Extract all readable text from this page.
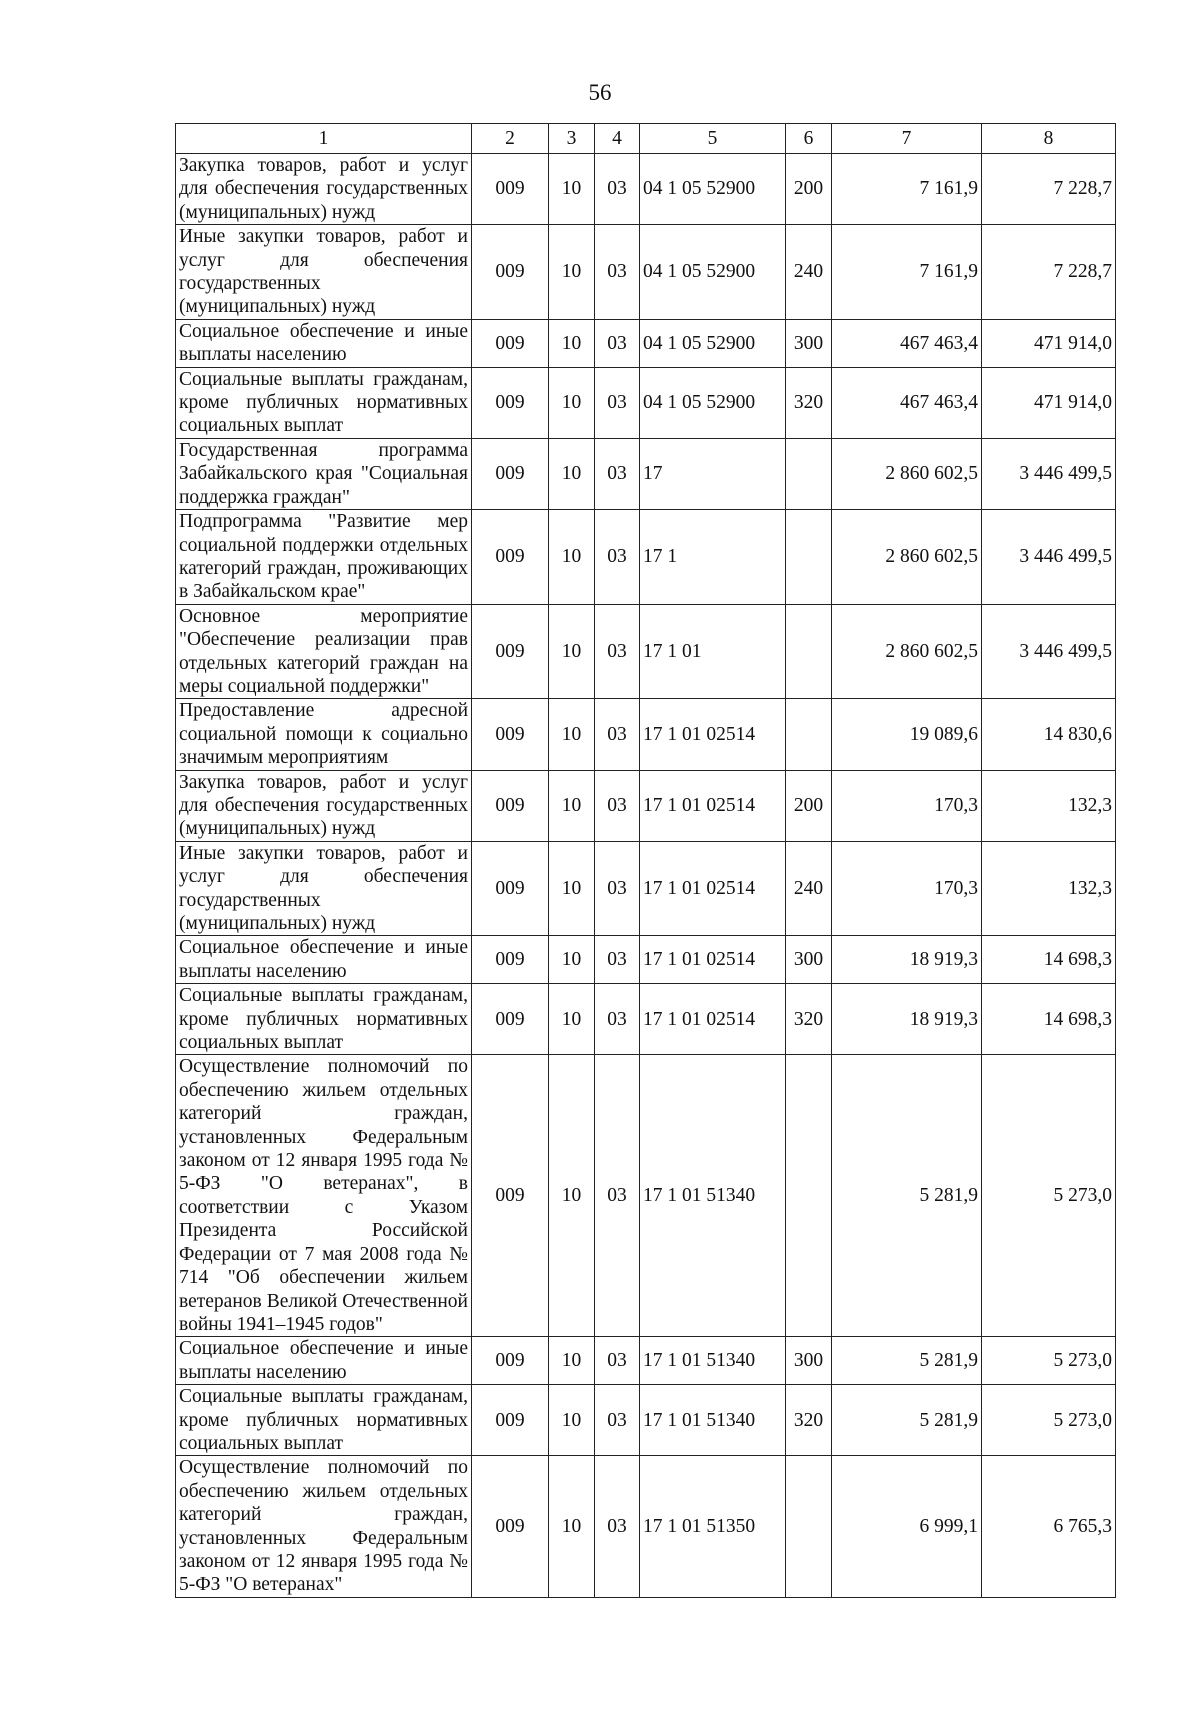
56
1	2	3	4	5	6	7	8
Закупка товаров, работ и услуг для обеспечения государственных (муниципальных) нужд	009	10	03	04 1 05 52900	200	7 161,9	7 228,7
Иные закупки товаров, работ и услуг для обеспечения государственных (муниципальных) нужд	009	10	03	04 1 05 52900	240	7 161,9	7 228,7
Социальное обеспечение и иные выплаты населению	009	10	03	04 1 05 52900	300	467 463,4	471 914,0
Социальные выплаты гражданам, кроме публичных нормативных социальных выплат	009	10	03	04 1 05 52900	320	467 463,4	471 914,0
Государственная программа Забайкальского края "Социальная поддержка граждан"	009	10	03	17		2 860 602,5	3 446 499,5
Подпрограмма "Развитие мер социальной поддержки отдельных категорий граждан, проживающих в Забайкальском крае"	009	10	03	17 1		2 860 602,5	3 446 499,5
Основное мероприятие "Обеспечение реализации прав отдельных категорий граждан на меры социальной поддержки"	009	10	03	17 1 01		2 860 602,5	3 446 499,5
Предоставление адресной социальной помощи к социально значимым мероприятиям	009	10	03	17 1 01 02514		19 089,6	14 830,6
Закупка товаров, работ и услуг для обеспечения государственных (муниципальных) нужд	009	10	03	17 1 01 02514	200	170,3	132,3
Иные закупки товаров, работ и услуг для обеспечения государственных (муниципальных) нужд	009	10	03	17 1 01 02514	240	170,3	132,3
Социальное обеспечение и иные выплаты населению	009	10	03	17 1 01 02514	300	18 919,3	14 698,3
Социальные выплаты гражданам, кроме публичных нормативных социальных выплат	009	10	03	17 1 01 02514	320	18 919,3	14 698,3
Осуществление полномочий по обеспечению жильем отдельных категорий граждан, установленных Федеральным законом от 12 января 1995 года № 5-ФЗ "О ветеранах", в соответствии с Указом Президента Российской Федерации от 7 мая 2008 года № 714 "Об обеспечении жильем ветеранов Великой Отечественной войны 1941–1945 годов"	009	10	03	17 1 01 51340		5 281,9	5 273,0
Социальное обеспечение и иные выплаты населению	009	10	03	17 1 01 51340	300	5 281,9	5 273,0
Социальные выплаты гражданам, кроме публичных нормативных социальных выплат	009	10	03	17 1 01 51340	320	5 281,9	5 273,0
Осуществление полномочий по обеспечению жильем отдельных категорий граждан, установленных Федеральным законом от 12 января 1995 года № 5-ФЗ "О ветеранах"	009	10	03	17 1 01 51350		6 999,1	6 765,3
